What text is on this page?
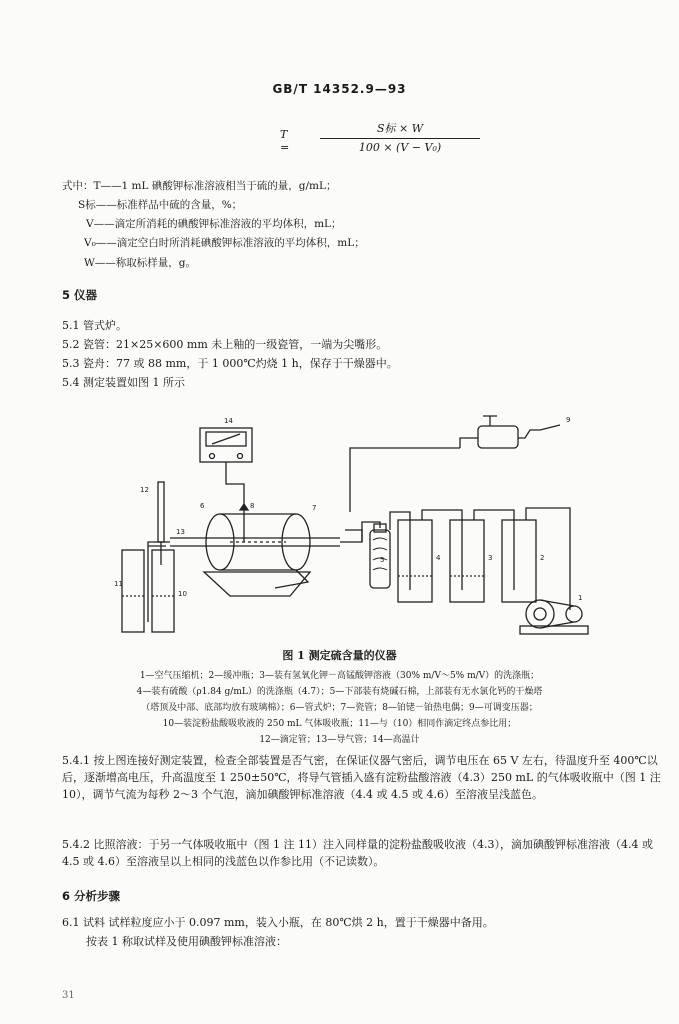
GB/T 14352.9—93
T =
S标 × W
100 × (V − V₀)
式中：T——1 mL 碘酸钾标准溶液相当于硫的量，g/mL；
S标——标准样品中硫的含量，%；
V——滴定所消耗的碘酸钾标准溶液的平均体积，mL；
V₀——滴定空白时所消耗碘酸钾标准溶液的平均体积，mL；
W——称取标样量，g。
5 仪器
5.1 管式炉。
5.2 瓷管：21×25×600 mm 未上釉的一级瓷管，一端为尖嘴形。
5.3 瓷舟：77 或 88 mm，于 1 000℃灼烧 1 h，保存于干燥器中。
5.4 测定装置如图 1 所示
14	9
12
8	7
13
6
5	4	3	2
11
10	1
图 1 测定硫含量的仪器
1—空气压缩机；2—缓冲瓶；3—装有氢氧化钾－高锰酸钾溶液（30% m/V～5% m/V）的洗涤瓶；
4—装有硫酸（ρ1.84 g/mL）的洗涤瓶（4.7）；5—下部装有烧碱石棉，上部装有无水氯化钙的干燥塔
（塔顶及中部、底部均放有玻璃棉）；6—管式炉；7—瓷管；8—铂铑－铂热电偶；9—可调变压器；
10—装淀粉盐酸吸收液的 250 mL 气体吸收瓶；11—与（10）相同作滴定终点参比用；
12—滴定管；13—导气管；14—高温计
5.4.1 按上图连接好测定装置，检查全部装置是否气密，在保证仪器气密后，调节电压在 65 V 左右，待温度升至 400℃以后，逐渐增高电压，升高温度至 1 250±50℃，将导气管插入盛有淀粉盐酸溶液（4.3）250 mL 的气体吸收瓶中（图 1 注 10），调节气流为每秒 2～3 个气泡，滴加碘酸钾标准溶液（4.4 或 4.5 或 4.6）至溶液呈浅蓝色。
5.4.2 比照溶液：于另一气体吸收瓶中（图 1 注 11）注入同样量的淀粉盐酸吸收液（4.3），滴加碘酸钾标准溶液（4.4 或 4.5 或 4.6）至溶液呈以上相同的浅蓝色以作参比用（不记读数）。
6 分析步骤
6.1 试料 试样粒度应小于 0.097 mm，装入小瓶，在 80℃烘 2 h，置于干燥器中备用。
按表 1 称取试样及使用碘酸钾标准溶液：
31
